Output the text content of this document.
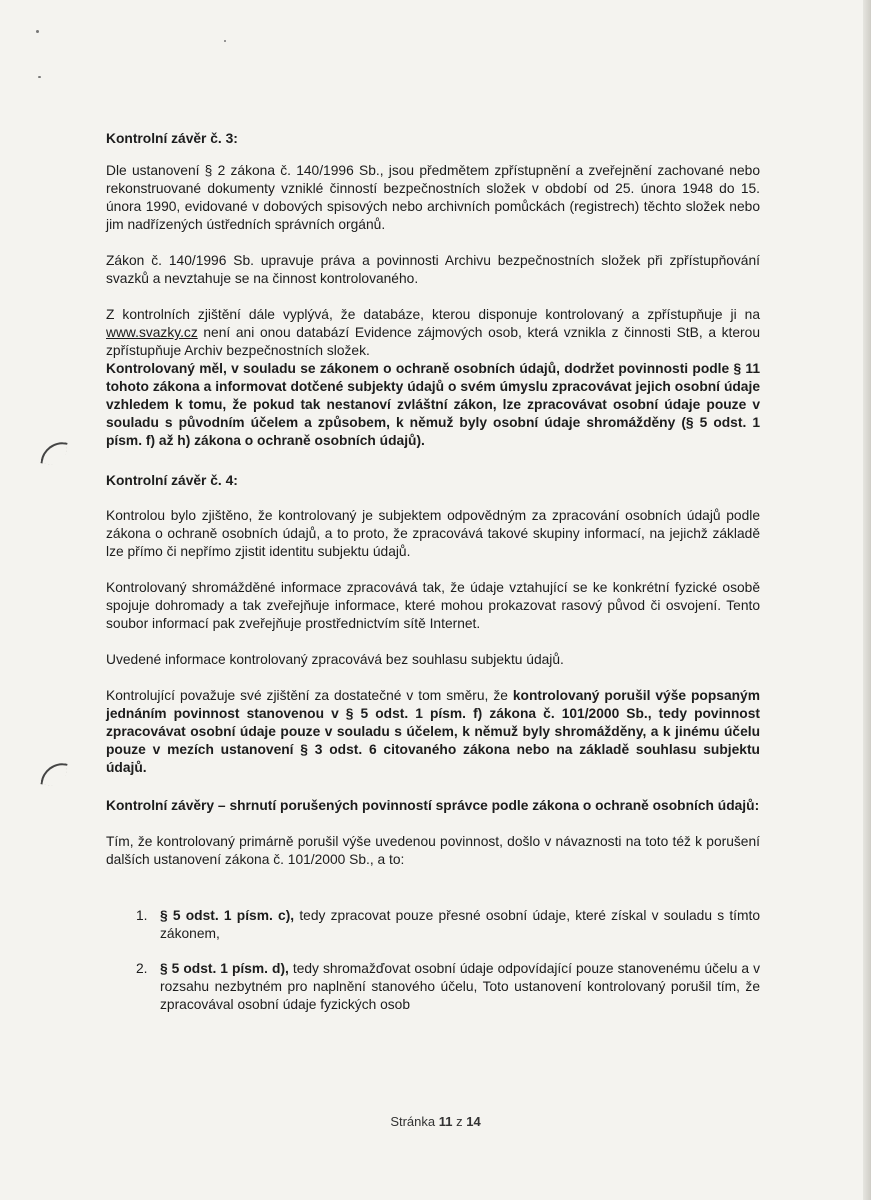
Kontrolní závěr č. 3:

Dle ustanovení § 2 zákona č. 140/1996 Sb., jsou předmětem zpřístupnění a zveřejnění zachované nebo rekonstruované dokumenty vzniklé činností bezpečnostních složek v období od 25. února 1948 do 15. února 1990, evidované v dobových spisových nebo archivních pomůckách (registrech) těchto složek nebo jim nadřízených ústředních správních orgánů.

Zákon č. 140/1996 Sb. upravuje práva a povinnosti Archivu bezpečnostních složek při zpřístupňování svazků a nevztahuje se na činnost kontrolovaného.

Z kontrolních zjištění dále vyplývá, že databáze, kterou disponuje kontrolovaný a zpřístupňuje ji na www.svazky.cz není ani onou databází Evidence zájmových osob, která vznikla z činnosti StB, a kterou zpřístupňuje Archiv bezpečnostních složek.

Kontrolovaný měl, v souladu se zákonem o ochraně osobních údajů, dodržet povinnosti podle § 11 tohoto zákona a informovat dotčené subjekty údajů o svém úmyslu zpracovávat jejich osobní údaje vzhledem k tomu, že pokud tak nestanoví zvláštní zákon, lze zpracovávat osobní údaje pouze v souladu s původním účelem a způsobem, k němuž byly osobní údaje shromážděny (§ 5 odst. 1 písm. f) až h) zákona o ochraně osobních údajů).

Kontrolní závěr č. 4:

Kontrolou bylo zjištěno, že kontrolovaný je subjektem odpovědným za zpracování osobních údajů podle zákona o ochraně osobních údajů, a to proto, že zpracovává takové skupiny informací, na jejichž základě lze přímo či nepřímo zjistit identitu subjektu údajů.

Kontrolovaný shromážděné informace zpracovává tak, že údaje vztahující se ke konkrétní fyzické osobě spojuje dohromady a tak zveřejňuje informace, které mohou prokazovat rasový původ či osvojení. Tento soubor informací pak zveřejňuje prostřednictvím sítě Internet.

Uvedené informace kontrolovaný zpracovává bez souhlasu subjektu údajů.

Kontrolující považuje své zjištění za dostatečné v tom směru, že kontrolovaný porušil výše popsaným jednáním povinnost stanovenou v § 5 odst. 1 písm. f) zákona č. 101/2000 Sb., tedy povinnost zpracovávat osobní údaje pouze v souladu s účelem, k němuž byly shromážděny, a k jinému účelu pouze v mezích ustanovení § 3 odst. 6 citovaného zákona nebo na základě souhlasu subjektu údajů.

Kontrolní závěry – shrnutí porušených povinností správce podle zákona o ochraně osobních údajů:

Tím, že kontrolovaný primárně porušil výše uvedenou povinnost, došlo v návaznosti na toto též k porušení dalších ustanovení zákona č. 101/2000 Sb., a to:

1. § 5 odst. 1 písm. c), tedy zpracovat pouze přesné osobní údaje, které získal v souladu s tímto zákonem,
2. § 5 odst. 1 písm. d), tedy shromažďovat osobní údaje odpovídající pouze stanovenému účelu a v rozsahu nezbytném pro naplnění stanového účelu, Toto ustanovení kontrolovaný porušil tím, že zpracovával osobní údaje fyzických osob
Stránka 11 z 14
